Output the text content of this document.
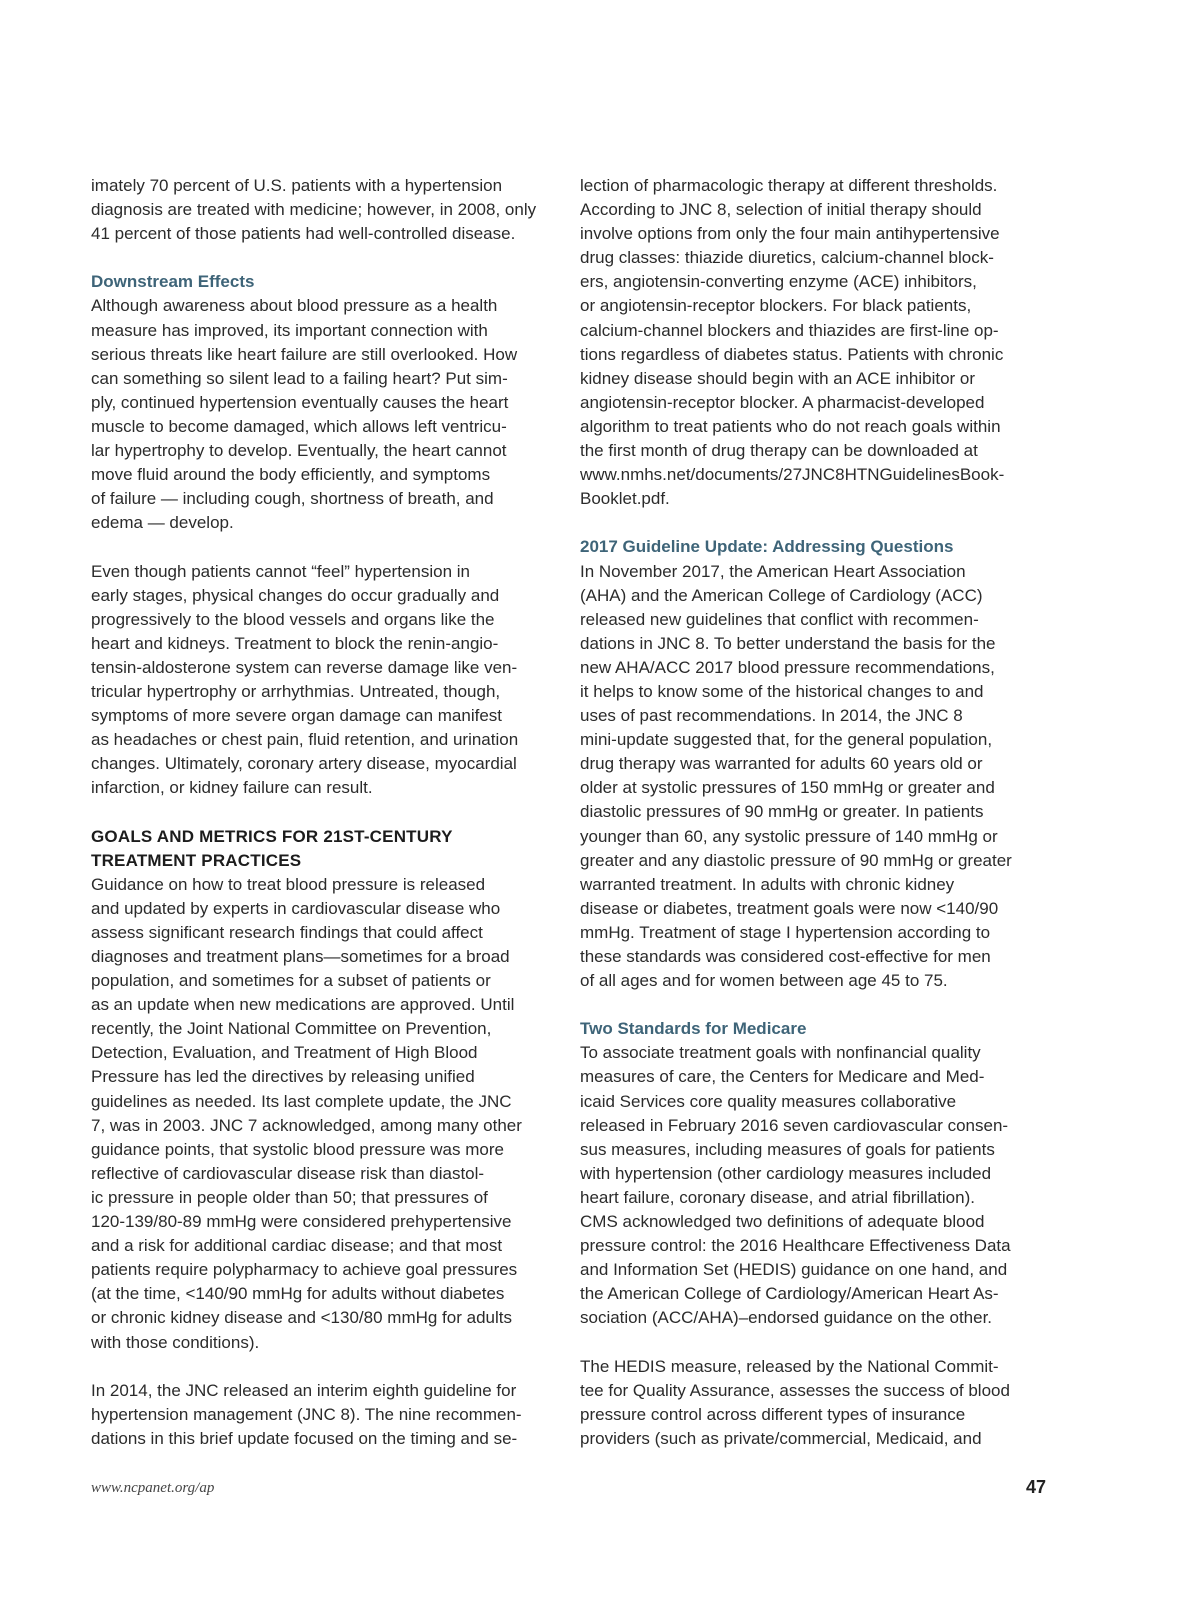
imately 70 percent of U.S. patients with a hypertension
diagnosis are treated with medicine; however, in 2008, only
41 percent of those patients had well-controlled disease.
Downstream Effects
Although awareness about blood pressure as a health
measure has improved, its important connection with
serious threats like heart failure are still overlooked. How
can something so silent lead to a failing heart? Put sim-
ply, continued hypertension eventually causes the heart
muscle to become damaged, which allows left ventricu-
lar hypertrophy to develop. Eventually, the heart cannot
move fluid around the body efficiently, and symptoms
of failure — including cough, shortness of breath, and
edema — develop.
Even though patients cannot “feel” hypertension in
early stages, physical changes do occur gradually and
progressively to the blood vessels and organs like the
heart and kidneys. Treatment to block the renin-angio-
tensin-aldosterone system can reverse damage like ven-
tricular hypertrophy or arrhythmias. Untreated, though,
symptoms of more severe organ damage can manifest
as headaches or chest pain, fluid retention, and urination
changes. Ultimately, coronary artery disease, myocardial
infarction, or kidney failure can result.
GOALS AND METRICS FOR 21ST-CENTURY
TREATMENT PRACTICES
Guidance on how to treat blood pressure is released
and updated by experts in cardiovascular disease who
assess significant research findings that could affect
diagnoses and treatment plans—sometimes for a broad
population, and sometimes for a subset of patients or
as an update when new medications are approved. Until
recently, the Joint National Committee on Prevention,
Detection, Evaluation, and Treatment of High Blood
Pressure has led the directives by releasing unified
guidelines as needed. Its last complete update, the JNC
7, was in 2003. JNC 7 acknowledged, among many other
guidance points, that systolic blood pressure was more
reflective of cardiovascular disease risk than diastol-
ic pressure in people older than 50; that pressures of
120-139/80-89 mmHg were considered prehypertensive
and a risk for additional cardiac disease; and that most
patients require polypharmacy to achieve goal pressures
(at the time, <140/90 mmHg for adults without diabetes
or chronic kidney disease and <130/80 mmHg for adults
with those conditions).
In 2014, the JNC released an interim eighth guideline for
hypertension management (JNC 8). The nine recommen-
dations in this brief update focused on the timing and se-
lection of pharmacologic therapy at different thresholds.
According to JNC 8, selection of initial therapy should
involve options from only the four main antihypertensive
drug classes: thiazide diuretics, calcium-channel block-
ers, angiotensin-converting enzyme (ACE) inhibitors,
or angiotensin-receptor blockers. For black patients,
calcium-channel blockers and thiazides are first-line op-
tions regardless of diabetes status. Patients with chronic
kidney disease should begin with an ACE inhibitor or
angiotensin-receptor blocker. A pharmacist-developed
algorithm to treat patients who do not reach goals within
the first month of drug therapy can be downloaded at
www.nmhs.net/documents/27JNC8HTNGuidelinesBook-
Booklet.pdf.
2017 Guideline Update: Addressing Questions
In November 2017, the American Heart Association
(AHA) and the American College of Cardiology (ACC)
released new guidelines that conflict with recommen-
dations in JNC 8. To better understand the basis for the
new AHA/ACC 2017 blood pressure recommendations,
it helps to know some of the historical changes to and
uses of past recommendations. In 2014, the JNC 8
mini-update suggested that, for the general population,
drug therapy was warranted for adults 60 years old or
older at systolic pressures of 150 mmHg or greater and
diastolic pressures of 90 mmHg or greater. In patients
younger than 60, any systolic pressure of 140 mmHg or
greater and any diastolic pressure of 90 mmHg or greater
warranted treatment. In adults with chronic kidney
disease or diabetes, treatment goals were now <140/90
mmHg. Treatment of stage I hypertension according to
these standards was considered cost-effective for men
of all ages and for women between age 45 to 75.
Two Standards for Medicare
To associate treatment goals with nonfinancial quality
measures of care, the Centers for Medicare and Med-
icaid Services core quality measures collaborative
released in February 2016 seven cardiovascular consen-
sus measures, including measures of goals for patients
with hypertension (other cardiology measures included
heart failure, coronary disease, and atrial fibrillation).
CMS acknowledged two definitions of adequate blood
pressure control: the 2016 Healthcare Effectiveness Data
and Information Set (HEDIS) guidance on one hand, and
the American College of Cardiology/American Heart As-
sociation (ACC/AHA)–endorsed guidance on the other.
The HEDIS measure, released by the National Commit-
tee for Quality Assurance, assesses the success of blood
pressure control across different types of insurance
providers (such as private/commercial, Medicaid, and
www.ncpanet.org/ap	47
